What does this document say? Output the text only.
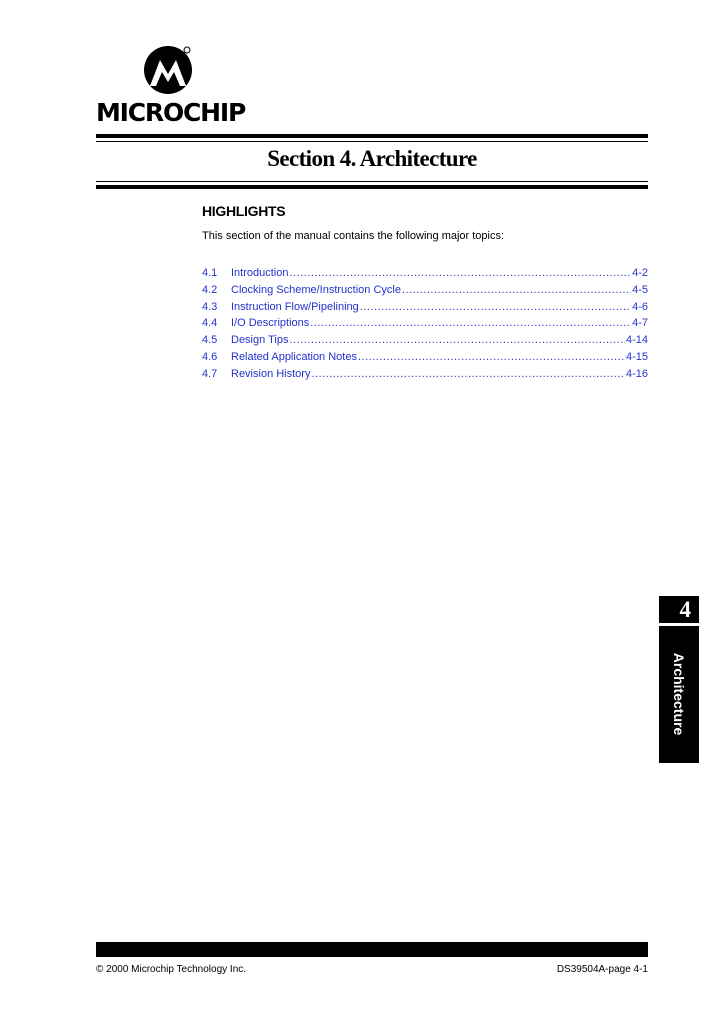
MICROCHIP
Section 4. Architecture
HIGHLIGHTS
This section of the manual contains the following major topics:
4.1	Introduction .....	4-2
4.2	Clocking Scheme/Instruction Cycle .....	4-5
4.3	Instruction Flow/Pipelining .....	4-6
4.4	I/O Descriptions .....	4-7
4.5	Design Tips .....	4-14
4.6	Related Application Notes .....	4-15
4.7	Revision History .....	4-16
4
Architecture
© 2000 Microchip Technology Inc.	DS39504A-page 4-1
